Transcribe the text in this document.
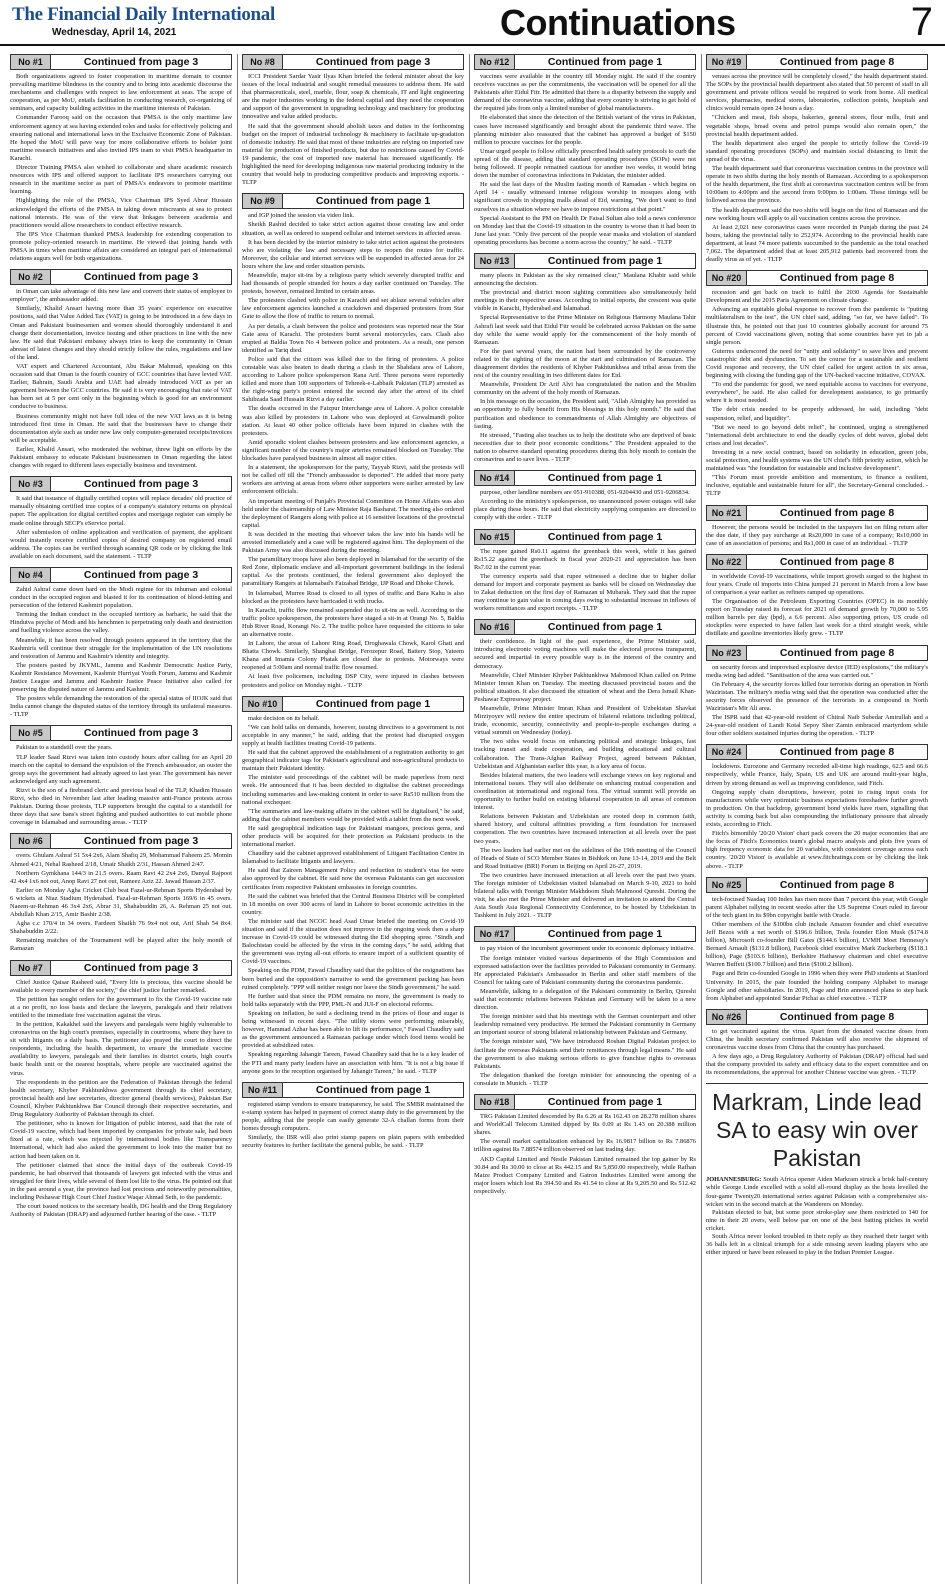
The Financial Daily International
Wednesday, April 14, 2021	Continuations	7
No #1	Continued from page 3

Both organizations agreed to foster cooperation in maritime domain to counter prevailing maritime blindness in the country and to bring into academic discourse the mechanisms and challenges with respect to law enforcement at seas. The scope of cooperation, as per MoU, entails facilitation in conducting research, co-organizing of seminars, and capacity building activities in the maritime interests of Pakistan.

Commander Farooq said on the occasion that PMSA is the only maritime law enforcement agency at sea having extended roles and tasks for effectively policing and ensuring national and international laws in the Exclusive Economic Zone of Pakistan. He hoped the MoU will pave way for more collaborative efforts to bolster joint maritime research initiatives and also invited IPS team to visit PMSA headquarter in Karachi.

Director Training PMSA also wished to collaborate and share academic research resources with IPS and offered support to facilitate IPS researchers carrying out research in the maritime sector as part of PMSA's endeavors to promote maritime learning.

Highlighting the role of the PMSA, Vice Chairman IPS Syed Abrar Hussain acknowledged the efforts of the PMSA in taking down miscreants at sea to protect national interests. He was of the view that linkages between academia and practitioners would allow researchers to conduct effective research.

The IPS Vice Chairman thanked PMSA leadership for extending cooperation to promote policy-oriented research in maritime. He viewed that joining hands with PMSA in times when maritime affairs are considered an integral part of international relations augurs well for both organizations.

No #2	Continued from page 3

in Oman can take advantage of this new law and convert their status of employee to employer", the ambassador added.

Similarly, Khalid Ansari having more than 35 years' experience on executive positions, said that Value Added Tax (VAT) is going to be introduced in a few days in Oman and Pakistani businessmen and women should thoroughly understand it and change their documentation, invoice issuing and other practices in line with the new law. He said that Pakistani embassy always tries to keep the community in Oman abreast of latest changes and they should strictly follow the rules, regulations and law of the land.

VAT expert and Chartered Accountant, Abu Bakar Mahmud, speaking on this occasion said that Oman is the fourth country of GCC countries that have levied VAT. Earlier, Bahrain, Saudi Arabia and UAE had already introduced VAT as per an agreement between the GCC countries. He said it is very encouraging that rate of VAT has been set at 5 per cent only in the beginning which is good for an environment conducive to business.

Business community might not have full idea of the new VAT laws as it is being introduced first time in Oman. He said that the businesses have to change their documentation style such as under new law only computer-generated receipts/invoices will be acceptable.

Earlier, Khalid Ansari, who moderated the webinar, threw light on efforts by the Pakistani embassy to educate Pakistani businessmen in Oman regarding the latest changes with regard to different laws especially business and investment.

No #3	Continued from page 3

It said that issuance of digitally certified copies will replace decades' old practice of manually obtaining certified true copies of a company's statutory returns on physical paper. The application for digital certified copies and mortgage register can simply be made online through SECP's eService portal.

After submission of online application and verification of payment, the applicant would instantly receive certified copies of desired company on registered email address. The copies can be verified through scanning QR code or by clicking the link available on each document, said the statement. - TLTP

No #4	Continued from page 3

Zahid Ashraf came down hard on the Modi regime for its inhuman and colonial conduct in the occupied region and blasted it for its continuation of blood-letting and persecution of the fettered Kashmiri population.

Terming the Indian conduct in the occupied territory as barbaric, he said that the Hindutva psyche of Modi and his henchmen is perpetrating only death and destruction and fuelling violence across the valley.

Meanwhile, it has been resolved through posters appeared in the territory that the Kashmiris will continue their struggle for the implementation of the UN resolutions and restoration of Jammu and Kashmir's identity and integrity.

The posters pasted by JKYML, Jammu and Kashmir Democratic Justice Party, Kashmir Resistance Movement, Kashmir Hurriyat Youth Forum, Jammu and Kashmir Justice League and Jammu and Kashmir Justice Peace Initiative also called for preserving the disputed nature of Jammu and Kashmir.

The posters while demanding the restoration of the special status of IIOJK said that India cannot change the disputed status of the territory through its unilateral measures. - TLTP

No #5	Continued from page 3

Pakistan to a standstill over the years.

TLP leader Saad Rizvi was taken into custody hours after calling for an April 20 march on the capital to demand the expulsion of the French ambassador, an ouster the group says the government had already agreed to last year. The government has never acknowledged any such agreement.

Rizvi is the son of a firebrand cleric and previous head of the TLP, Khadim Hussain Rizvi, who died in November last after leading massive anti-France protests across Pakistan. During those protests, TLP supporters brought the capital to a standstill for three days that saw bans's street fighting and pushed authorities to cut mobile phone coverage in Islamabad and surrounding areas. - TLTP

No #6	Continued from page 3

overs. Ghulam Ashraf 51 5x4 2x6, Alam Shafiq 29, Mohammad Faheem 25. Momin Ahmed 4/21, Nehal Rasheed 2/18, Umair Shaikh 2/31, Hassan Ahmed 2/47.

Northern Gymkhana 144/3 in 21.5 overs. Raam Ravi 42 2x4 2x6, Danyal Rajpoot 42 4x4 1x6 not out, Anop Ravi 27 not out, Rameez Aziz 22. Jawad Hassan 2/37.

Earlier on Monday Agha Cricket Club beat Fazal-ur-Rehman Sports Hyderabad by 6 wickets at Niaz Stadium Hyderabad. Fazal-ur-Rehman Sports 169/6 in 45 overs. Naeem-ur-Rehman 46 3x4 2x6, Abrar 31, Shahabuddin 26, A. Rehman 25 not out. Abdullah Khan 2/15, Amir Bashir 2/38.

Agha c.c 170/4 in 34 overs. Fardeen Shaikh 76 9x4 not out, Arif Shah 54 8x4. Shahabuddin 2/22.

Remaining matches of the Tournament will be played after the holy month of Ramazan

No #7	Continued from page 3

Chief Justice Qaisar Rasheed said, "Every life is precious, this vaccine should be available to every member of the society," the chief justice further remarked.

The petition has sought orders for the government to fix the Covid-19 vaccine rate at a no profit, no loss basis and declare the lawyers, paralegals and their relatives entitled to the immediate free vaccination against the virus.

In the petition, Kakakhel said the lawyers and paralegals were highly vulnerable to coronavirus on the high court's premises, especially in courtrooms, where they have to sit with litigants on a daily basis. The petitioner also prayed the court to direct the respondents, including the health department, to ensure the immediate vaccine availability to lawyers, paralegals and their families in district courts, high court's basic health unit or the nearest hospitals, where people are vaccinated against the virus.

The respondents in the petition are the Federation of Pakistan through the federal health secretary, Khyber Pakhtunkhwa government through its chief secretary, provincial health and law secretaries, director general (health services), Pakistan Bar Council, Khyber Pakhtunkhwa Bar Council through their respective secretaries, and Drug Regulatory Authority of Pakistan through its chief.

The petitioner, who is known for litigation of public interest, said that the rate of Covid-19 vaccine, which had been imported by companies for private sale, had been fixed at a rate, which was rejected by international bodies like Transparency International, which had also asked the government to look into the matter but no action had been taken on it.

The petitioner claimed that since the initial days of the outbreak Covid-19 pandemic, he had observed that thousands of lawyers got infected with the virus and struggled for their lives, while several of them lost life to the virus. He pointed out that in the past around a year, the province had lost precious and noteworthy personalities, including Peshawar High Court Chief Justice Waqar Ahmad Seth, to the pandemic.

The court issued notices to the secretary health, DG health and the Drug Regulatory Authority of Pakistan (DRAP) and adjourned further hearing of the case. - TLTP

No #8	Continued from page 3

ICCI President Sardar Yasir Ilyas Khan briefed the federal minister about the key issues of the local industrial and sought remedial measures to address them. He said that pharmaceuticals, steel, marble, flour, soap & chemicals, IT and light engineering are the major industries working in the federal capital and they need the cooperation and support of the government in upgrading technology and machinery for producing innovative and value added products.

He said that the government should abolish taxes and duties in the forthcoming budget on the import of industrial technology & machinery to facilitate up-gradation of domestic industry. He said that most of these industries are relying on imported raw material for production of finished products, but due to restrictions caused by Covid-19 pandemic, the cost of imported raw material has increased significantly. He highlighted the need for developing indigenous raw material producing industry in the country that would help in producing competitive products and improving exports. - TLTP

No #9	Continued from page 1

and IGP joined the session via video link.

Sheikh Rashid decided to take strict action against those creating law and order situation, as well as ordered to suspend cellular and internet services in affected areas.

It has been decided by the interior ministry to take strict action against the protesters who are violating the law and necessary steps to reopen the routes for traffic. Moreover, the cellular and internet services will be suspended in affected areas for 24 hours where the law and order situation persists.

Meanwhile, major sit-ins by a religious party which severely disrupted traffic and had thousands of people stranded for hours a day earlier continued on Tuesday. The protests, however, remained limited to certain areas.

The protesters clashed with police in Karachi and set ablaze several vehicles after law enforcement agencies launched a crackdown and dispersed protesters from Star Gate to allow the flow of traffic to return to normal.

As per details, a clash between the police and protesters was reported near the Star Gate area of Karachi. The protesters burnt several motorcycles, cars. Clash also erupted at Baldia Town No 4 between police and protesters. As a result, one person identified as Tariq died.

Police said that the citizen was killed due to the firing of protesters. A police constable was also beaten to death during a clash in the Shahdara area of Lahore, according to Lahore police spokesperson Rana Arif. Three persons were reportedly killed and more than 100 supporters of Tehreek-e-Labbaik Pakistan (TLP) arrested as the right-wing party's protest entered the second day after the arrest of its chief Sahibzada Saad Hussain Rizvi a day earlier.

The deaths occurred in the Faizpur Interchange area of Lahore. A police constable was also killed by protesters in Lahore who was deployed at Gowalmandi police station. At least 40 other police officials have been injured in clashes with the protesters.

Amid sporadic violent clashes between protesters and law enforcement agencies, a significant number of the country's major arteries remained blocked on Tuesday. The blockades have paralysed business in almost all major cities.

In a statement, the spokesperson for the party, Tayyab Rizvi, said the protests will not be called off till the "French ambassador is deported". He added that more party workers are arriving at areas from where other supporters were earlier arrested by law enforcement officials.

An important meeting of Punjab's Provincial Committee on Home Affairs was also held under the chairmanship of Law Minister Raja Basharat. The meeting also ordered the deployment of Rangers along with police at 16 sensitive locations of the provincial capital.

It was decided in the meeting that whoever takes the law into his hands will be arrested immediately and a case will be registered against him. The deployment of the Pakistan Army was also discussed during the meeting.

The paramilitary troops have also been deployed in Islamabad for the security of the Red Zone, diplomatic enclave and all-important government buildings in the federal capital. As the protests continued, the federal government also deployed the paramilitary Rangers at Islamabad's Faizabad Bridge, IJP Road and Dhoke Chowk.

In Islamabad, Murree Road is closed to all types of traffic and Bara Kahu is also blocked as the protesters have barricaded it with trucks.

In Karachi, traffic flow remained suspended due to sit-ins as well. According to the traffic police spokesperson, the protesters have staged a sit-in at Orangi No. 5, Baldia Hub River Road, Korangi No. 2. The traffic police have requested the citizens to take an alternative route.

In Lahore, the areas of Lahore Ring Road, Droghawala Chowk, Karol Ghati and Bhatta Chowk. Similarly, Shanghai Bridge, Ferozepur Road, Battery Stop, Yateem Khana and Imamia Colony Phatak are closed due to protests. Motorways were reopened at 5:00am and normal traffic flow resumed.

At least five policemen, including DSP City, were injured in clashes between protesters and police on Monday night. - TLTP

No #10	Continued from page 1

make decision on its behalf.

"We can hold talks on demands, however, issuing directives to a government is not acceptable in any manner," he said, adding that the protest had disrupted oxygen supply at health facilities treating Covid-19 patients.

He said that the cabinet approved the establishment of a registration authority to get geographical indicator tags for Pakistan's agricultural and non-agricultural products to maintain their Pakistani identity.

The minister said proceedings of the cabinet will be made paperless from next week. He announced that it has been decided to digitalise the cabinet proceedings including summaries and law-making content in order to save Rs510 million from the national exchequer.

"The summaries and law-making affairs in the cabinet will be digitalised," he said, adding that the cabinet members would be provided with a tablet from the next week.

He said geographical indication tags for Pakistani mangoes, precious gems, and other products will be acquired for their protection as Pakistani products in the international market.

Chaudhry said the cabinet approved establishment of Litigant Facilitation Centre in Islamabad to facilitate litigants and lawyers.

He said that Zaireen Management Policy and reduction in student's visa fee were also approved by the cabinet. He said now the overseas Pakistanis can get succession certificates from respective Pakistani embassies in foreign countries.

He said the cabinet was briefed that the Central Business District will be completed in 18 months on over 300 acres of land in Lahore to boost economic activities in the country.

The minister said that NCOC head Asad Umar briefed the meeting on Covid-19 situation and said if the situation does not improve in the ongoing week then a sharp increase in Covid-19 could be witnessed during the Eid shopping spree. "Sindh and Balochistan could be affected by the virus in the coming days," he said, adding that the government was trying all-out efforts to ensure import of a sufficient quantity of Covid-19 vaccines.

Speaking on the PDM, Fawad Chaudhry said that the politics of the resignations has been buried and the opposition's narrative to send the government packing has been ruined completely. "PPP will neither resign nor leave the Sindh government," he said.

He further said that since the PDM remains no more, the government is ready to hold talks separately with the PPP, PML-N and JUI-F on electoral reforms.

Speaking on inflation, he said a declining trend in the prices of flour and sugar is being witnessed in recent days. "The utility stores were performing miserably, however, Hammad Azhar has been able to lift its performance," Fawad Chaudhry said as the government announced a Ramazan package under which food items would be provided at subsidized rates.

Speaking regarding Jahangir Tareen, Fawad Chaudhry said that he is a key leader of the PTI and many party leaders have an association with him. "It is not a big issue if anyone goes to the reception organised by Jahangir Tareen," he said. - TLTP

No #11	Continued from page 1

registered stamp vendors to ensure transparency, he said. The SMBR maintained the e-stamp system has helped in payment of correct stamp duty to the government by the people, adding that the people can easily generate 32-A challan forms from their homes through computers.

Similarly, the IBR will also print stamp papers on plain papers with embedded security features to further facilitate the general public, he said. - TLTP

No #12	Continued from page 1

vaccines were available in the country till Monday night. He said if the country receives vaccines as per the commitments, the vaccination will be opened for all the Pakistanis after Eidul Fitr. He admitted that there is a disparity between the supply and demand of the coronavirus vaccine, adding that every country is striving to get hold of the required jabs from only a limited number of global manufacturers.

He elaborated that since the detection of the British variant of the virus in Pakistan, cases have increased significantly and brought about the pandemic third wave. The planning minister also reassured that the cabinet has approved a budget of $150 million to procure vaccines for the people.

Umar urged people to follow officially prescribed health safety protocols to curb the spread of the disease, adding that standard operating procedures (SOPs) were not being followed. If people remained cautious for another two weeks, it would bring down the number of coronavirus infections in Pakistan, the minister added.

He said the last days of the Muslim fasting month of Ramadan - which begins on April 14 - usually witnessed intense religious worship in mosques along with significant crowds in shopping malls ahead of Eid, warning, "We don't want to find ourselves in a situation where we have to impose restrictions at that point."

Special Assistant to the PM on Health Dr Faisal Sultan also told a news conference on Monday last that the Covid-19 situation in the country is worse than it had been in June last year. "Only five percent of the people wear masks and violation of standard operating procedures has become a norm across the country," he said. - TLTP

No #13	Continued from page 1

many places in Pakistan as the sky remained clear," Maulana Khabir said while announcing the decision.

The provincial and district moon sighting committees also simultaneously held meetings in their respective areas. According to initial reports, the crescent was quite visible in Karachi, Hyderabad and Islamabad.

Special Representative to the Prime Minister on Religious Harmony Maulana Tahir Ashrafi last week said that Eidul Fitr would be celebrated across Pakistan on the same day while the same would apply for the commencement of the holy month of Ramazan.

For the past several years, the nation had been surrounded by the controversy related to the sighting of the moon at the start and culmination of Ramazan. The disagreement divides the residents of Khyber Pakhtunkhwa and tribal areas from the rest of the country resulting in two different dates for Eid.

Meanwhile, President Dr Arif Alvi has congratulated the nation and the Muslim community on the advent of the holy month of Ramazan.

In his message on the occasion, the President said, "Allah Almighty has provided us an opportunity to fully benefit from His blessings in this holy month." He said that purification and obedience to commandments of Allah Almighty are objectives of fasting.

He stressed, "Fasting also teaches us to help the destitute who are deprived of basic necessities due to their poor economic conditions." The President appealed to the nation to observe standard operating procedures during this holy month to contain the coronavirus and to save lives. - TLTP

No #14	Continued from page 1

purpose, other landline numbers are 051-910388, 051-9204430 and 051-9206834.

According to the ministry's spokesperson, no unannounced power outages will take place during these hours. He said that electricity supplying companies are directed to comply with the order. - TLTP

No #15	Continued from page 1

The rupee gained Rs0.11 against the greenback this week, while it has gained Rs15.22 against the greenback in fiscal year 2020-21 and appreciation has been Rs7.02 in the current year.

The currency experts said that rupee witnessed a decline due to higher dollar demand for import and corporate payment as banks will be closed on Wednesday due to Zakat deduction on the first day of Ramazan ul Mubarak. They said that the rupee may continue to gain value in coming days owing to substantial increase in inflows of workers remittances and export receipts. - TLTP

No #16	Continued from page 1

their confidence. In light of the past experience, the Prime Minister said, introducing electronic voting machines will make the electoral process transparent, secured and impartial in every possible way is in the interest of the country and democracy.

Meanwhile, Chief Minister Khyber Pakhtunkhwa Mahmood Khan called on Prime Minister Imran Khan on Tuesday. The meeting discussed provincial issues and the political situation. It also discussed the situation of wheat and the Dera Ismail Khan-Peshawar Expressway project.

Meanwhile, Prime Minister Imran Khan and President of Uzbekistan Shavkat Mirziyoyev will review the entire spectrum of bilateral relations including political, trade, economic, security, connectivity and people-to-people exchanges during a virtual summit on Wednesday (today).

The two sides would focus on enhancing political and strategic linkages, fast tracking transit and trade cooperation, and building educational and cultural collaboration. The Trans-Afghan Railway Project, agreed between Pakistan, Uzbekistan and Afghanistan earlier this year, is a key area of focus.

Besides bilateral matters, the two leaders will exchange views on key regional and international issues. They will also deliberate on enhancing mutual cooperation and coordination at international and regional fora. The virtual summit will provide an opportunity to further build on existing bilateral cooperation in all areas of common interest.

Relations between Pakistan and Uzbekistan are rooted deep in common faith, shared history, and cultural affinities providing a firm foundation for increased cooperation. The two countries have increased interaction at all levels over the past two years.

The two leaders had earlier met on the sidelines of the 19th meeting of the Council of Heads of State of SCO Member States in Bishkek on June 13-14, 2019 and the Belt and Road Initiative (BRI) Forum in Beijing on April 26-27, 2019.

The two countries have increased interaction at all levels over the past two years. The foreign minister of Uzbekistan visited Islamabad on March 9-10, 2021 to hold bilateral talks with Foreign Minister Makhdoom Shah Mahmood Qureshi. During the visit, he also met the Prime Minister and delivered an invitation to attend the Central Asia South Asia Regional Connectivity Conference, to be hosted by Uzbekistan in Tashkent in July 2021. - TLTP

No #17	Continued from page 1

to pay vision of the incumbent government under its economic diplomacy initiative.

The foreign minister visited various departments of the High Commission and expressed satisfaction over the facilities provided to Pakistani community in Germany. He appreciated Pakistan's Ambassador in Berlin and other staff members of the Council for taking care of Pakistani community during the coronavirus pandemic.

Meanwhile, talking to a delegation of the Pakistani community in Berlin, Qureshi said that economic relations between Pakistan and Germany will be taken to a new direction.

The foreign minister said that his meetings with the German counterpart and other leadership remained very productive. He termed the Pakistani community in Germany an important source of strong bilateral relationship between Pakistan and Germany.

The foreign minister said, "We have introduced Roshan Digital Pakistan project to facilitate the overseas Pakistanis send their remittances through legal means." He said the government is also making serious efforts to give franchise rights to overseas Pakistanis.

The delegation thanked the foreign minister for announcing the opening of a consulate in Munich. - TLTP

No #18	Continued from page 1

TRG Pakistan Limited descended by Rs 6.26 at Rs 162.43 on 28.278 million shares and WorldCall Telecom Limited dipped by Rs 0.09 at Rs 1.43 on 20.388 million shares.

The overall market capitalization enhanced by Rs 16.9817 billion to Rs 7.86876 trillion against Rs 7.88574 trillion observed on last trading day.

AKD Capital Limited and Nestle Pakistan Limited remained the top gainer by Rs 30.84 and Rs 30.00 to close at Rs 442.15 and Rs 5,850.00 respectively, while Rafhan Maize Product Company Limited and Gatron Industries Limited were among the major losers which lost Rs 394.50 and Rs 41.54 to close at Rs 9,205.50 and Rs 512.42 respectively.

No #19	Continued from page 8

venues across the province will be completely closed," the health department stated. The SOPs by the provincial health department also stated that 50 percent of staff in all government and private offices would be required to work from home. All medical services, pharmacies, medical stores, laboratories, collection points, hospitals and clinics would remain open 24 hours a day.

"Chicken and meat, fish shops, bakeries, general stores, flour mills, fruit and vegetable shops, bread ovens and petrol pumps would also remain open," the provincial health department added.

The health department also urged the people to strictly follow the Covid-19 standard operating procedures (SOPs) and maintain social distancing to limit the spread of the virus.

The health department said that coronavirus vaccination centres in the province will operate in two shifts during the holy month of Ramazan. According to a spokesperson of the health department, the first shift at coronavirus vaccination centres will be from 10:00am to 4:00pm and the second from 9:00pm to 1:00am. These timings will be followed across the province.

The health department said the two shifts will begin on the first of Ramazan and the new working hours will apply to all vaccination centres across the province.

At least 2,021 new coronavirus cases were recorded in Punjab during the past 24 hours, taking the provincial tally to 252,974. According to the provincial health care department, at least 74 more patients succumbed to the pandemic as the total reached 7,062. The department added that at least 205,912 patients had recovered from the deadly virus as of yet. - TLTP

No #20	Continued from page 8

recession and get back on track to fulfil the 2030 Agenda for Sustainable Development and the 2015 Paris Agreement on climate change.

Advancing an equitable global response to recover from the pandemic is "putting multilateralism to the test", the UN chief said, adding, "so far, we have failed". To illustrate this, he pointed out that just 10 countries globally account for around 75 percent of Covid vaccinations given, noting that some countries have yet to jab a single person.

Guterres underscored the need for "unity and solidarity" to save lives and prevent catastrophic debt and dysfunction. To set the course for a sustainable and resilient Covid response and recovery, the UN chief called for urgent action in six areas, beginning with closing the funding gap of the UN-backed vaccine initiative, COVAX.

"To end the pandemic for good, we need equitable access to vaccines for everyone, everywhere", he said. He also called for development assistance, to go primarily where it is most needed.

The debt crisis needed to be properly addressed, he said, including "debt suspension, relief, and liquidity".

"But we need to go beyond debt relief", he continued, urging a strengthened "international debt architecture to end the deadly cycles of debt waves, global debt crises and lost decades".

Investing in a new social contract, based on solidarity in education, green jobs, social protection, and health systems was the UN chief's fifth priority action, which he maintained was "the foundation for sustainable and inclusive development".

"This Forum must provide ambition and momentum, to finance a resilient, inclusive, equitable and sustainable future for all", the Secretary-General concluded. - TLTP

No #21	Continued from page 8

However, the persons would be included in the taxpayers list on filing return after the due date, if they pay surcharge at Rs20,000 in case of a company; Rs10,000 in case of an association of persons; and Rs1,000 in case of an individual. - TLTP

No #22	Continued from page 8

in worldwide Covid-19 vaccinations, while import growth surged to the highest in four years. Crude oil imports into China jumped 21 percent in March from a low base of comparison a year earlier as refiners ramped up operations.

The Organisation of the Petroleum Exporting Countries (OPEC) in its monthly report on Tuesday raised its forecast for 2021 oil demand growth by 70,000 to 5.95 million barrels per day (bpd), a 6.6 percent. Also supporting prices, US crude oil stockpiles were expected to have fallen last week for a third straight week, while distillate and gasoline inventories likely grew. - TLTP

No #23	Continued from page 8

on security forces and improvised explosive device (IED) explosions," the military's media wing had added. "Sanitisation of the area was carried out."

On February 4, the security forces killed four terrorists during an operation in North Waziristan. The military's media wing said that the operation was conducted after the security forces observed the presence of the terrorists in a compound in North Waziristan's Mir Ali area.

The ISPR said that 42-year-old resident of Chitral Naib Subedar Amirullah and a 24-year-old resident of Landi Kotal Sepoy Sher Zamin embraced martyrdom while four other soldiers sustained injuries during the operation. - TLTP

No #24	Continued from page 8

lockdowns. Eurozone and Germany recorded all-time high readings, 62.5 and 66.6 respectively, while France, Italy, Spain, US and UK are around multi-year highs, driven by strong demand as well as improving confidence, said Fitch.

Ongoing supply chain disruptions, however, point to rising input costs for manufacturers while very optimistic business expectations foreshadow further growth in production. On that backdrop, government bond yields have risen, signalling that activity is coming back but also compounding the inflationary pressure that already exists, according to Fitch.

Fitch's bimonthly '20/20 Vision' chart pack covers the 20 major economies that are the focus of Fitch's Economics team's global macro analysis and plots five years of high frequency economic data for 20 variables, with consistent coverage across each country. '20/20 Vision' is available at www.fitchratings.com or by clicking the link above. - TLTP

No #25	Continued from page 8

tech-focused Nasdaq 100 Index has risen more than 7 percent this year, with Google parent Alphabet rallying in recent weeks after the US Supreme Court ruled in favour of the tech giant in its $9bn copyright battle with Oracle.

Other members of the $100bn club include Amazon founder and chief executive Jeff Bezos with a net worth of $196.6 billion, Tesla founder Elon Musk ($174.8 billion), Microsoft co-founder Bill Gates ($144.6 billion), LVMH Moet Hennessy's Bernard Arnault ($131.8 billion), Facebook chief executive Mark Zuckerberg ($118.1 billion), Page ($103.6 billion), Berkshire Hathaway chairman and chief executive Warren Buffett ($100.7 billion) and Brin ($100.2 billion).

Page and Brin co-founded Google in 1996 when they were PhD students at Stanford University. In 2015, the pair founded the holding company Alphabet to manage Google and other subsidiaries. In 2019, Page and Brin announced plans to step back from Alphabet and appointed Sundar Pichai as chief executive. - TLTP

No #26	Continued from page 8

to get vaccinated against the virus. Apart from the donated vaccine doses from China, the health secretary confirmed Pakistan will also receive the shipment of coronavirus vaccine doses from China that the country has purchased.

A few days ago, a Drug Regulatory Authority of Pakistan (DRAP) official had said that the company provided its safety and efficacy data to the expert committee and on its recommendations, the approval for another Chinese vaccine was given. - TLTP

Markram, Linde lead SA to easy win over Pakistan

JOHANNESBURG: South Africa opener Aiden Markram struck a brisk half-century while George Linde excelled with a solid all-round display as the hosts levelled the four-game Twenty20 international series against Pakistan with a comprehensive six-wicket win in the second match at the Wanderers on Monday.

Pakistan elected to bat, but some poor stroke-play saw them restricted to 140 for nine in their 20 overs, well below par on one of the best batting pitches in world cricket.

South Africa never looked troubled in their reply as they reached their target with 36 balls left in a clinical triumph for a side missing seven leading players who are either injured or have been released to play in the Indian Premier League.
